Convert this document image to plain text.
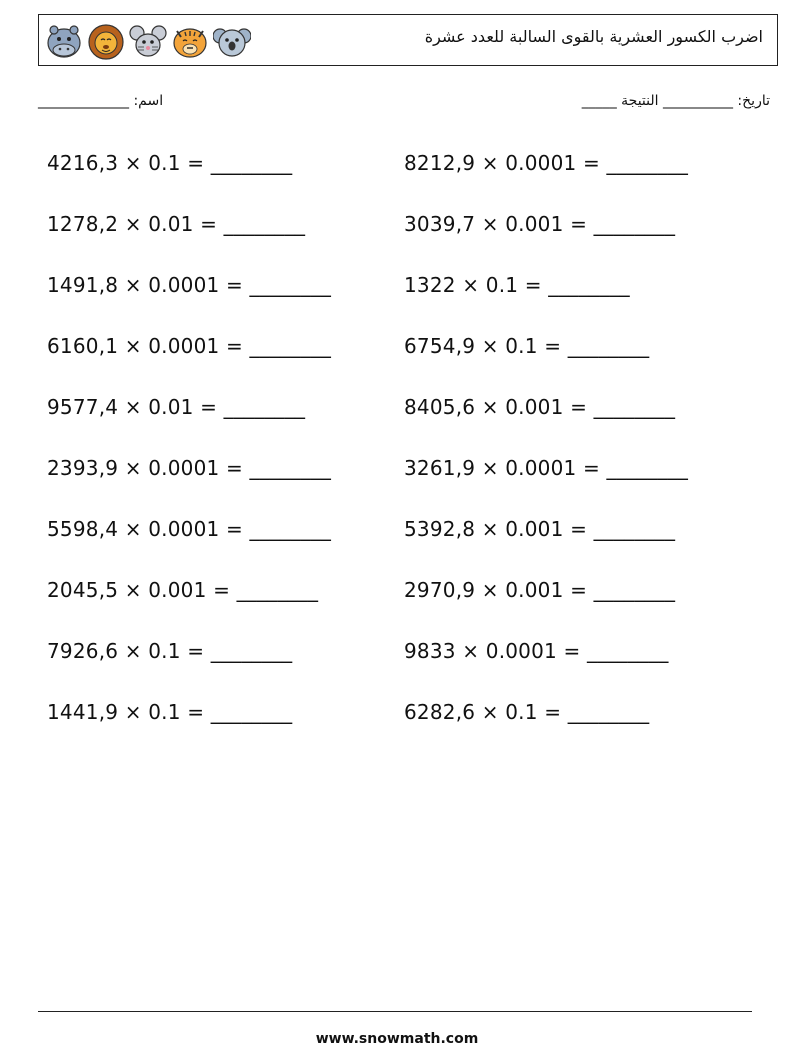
اضرب الكسور العشرية بالقوى السالبة للعدد عشرة
اسم: _____________	تاريخ: __________ النتيجة _____
4216,3 × 0.1 = ________
1278,2 × 0.01 = ________
1491,8 × 0.0001 = ________
6160,1 × 0.0001 = ________
9577,4 × 0.01 = ________
2393,9 × 0.0001 = ________
5598,4 × 0.0001 = ________
2045,5 × 0.001 = ________
7926,6 × 0.1 = ________
1441,9 × 0.1 = ________
8212,9 × 0.0001 = ________
3039,7 × 0.001 = ________
1322 × 0.1 = ________
6754,9 × 0.1 = ________
8405,6 × 0.001 = ________
3261,9 × 0.0001 = ________
5392,8 × 0.001 = ________
2970,9 × 0.001 = ________
9833 × 0.0001 = ________
6282,6 × 0.1 = ________
www.snowmath.com
